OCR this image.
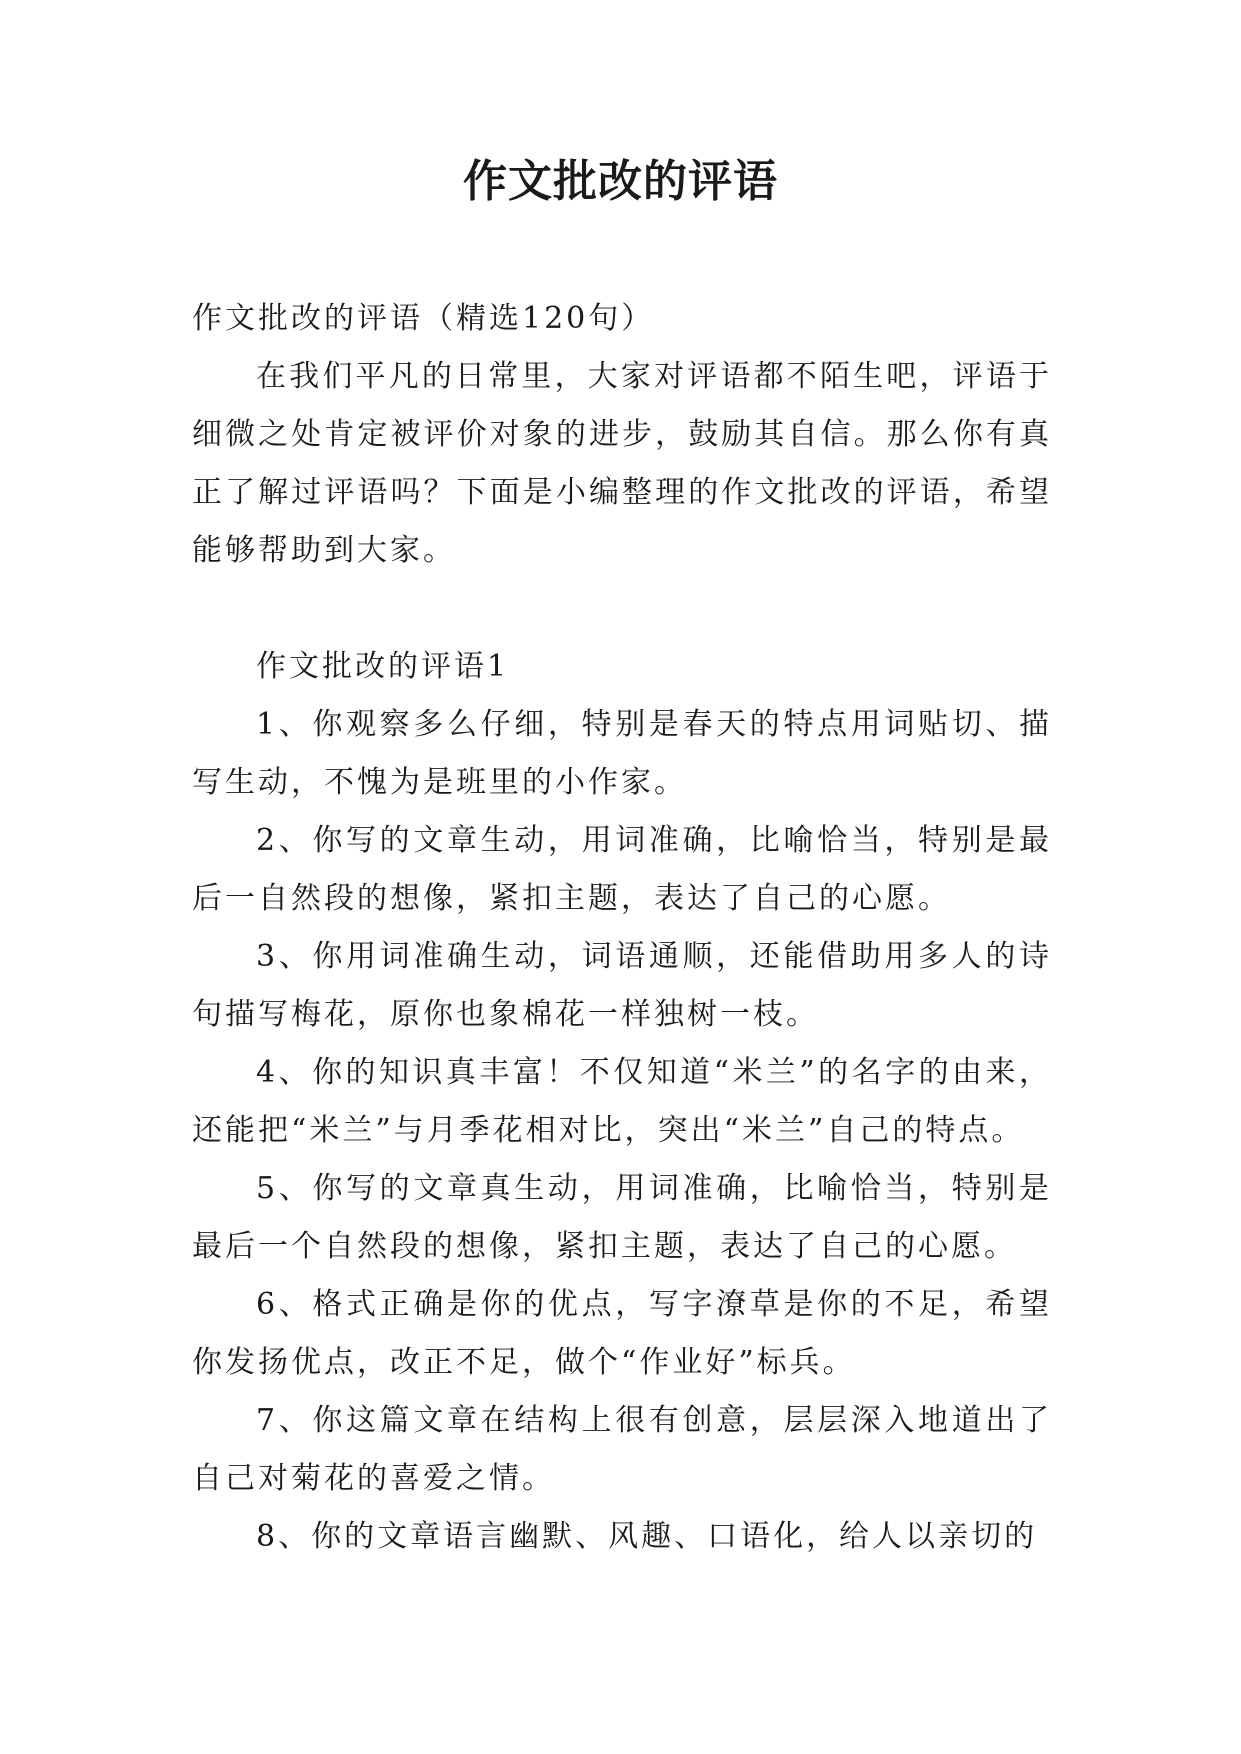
作文批改的评语

作文批改的评语（精选120句）

在我们平凡的日常里，大家对评语都不陌生吧，评语于细微之处肯定被评价对象的进步，鼓励其自信。那么你有真正了解过评语吗？下面是小编整理的作文批改的评语，希望能够帮助到大家。

作文批改的评语1

1、你观察多么仔细，特别是春天的特点用词贴切、描写生动，不愧为是班里的小作家。

2、你写的文章生动，用词准确，比喻恰当，特别是最后一自然段的想像，紧扣主题，表达了自己的心愿。

3、你用词准确生动，词语通顺，还能借助用多人的诗句描写梅花，原你也象棉花一样独树一枝。

4、你的知识真丰富！不仅知道“米兰”的名字的由来，还能把“米兰”与月季花相对比，突出“米兰”自己的特点。

5、你写的文章真生动，用词准确，比喻恰当，特别是最后一个自然段的想像，紧扣主题，表达了自己的心愿。

6、格式正确是你的优点，写字潦草是你的不足，希望你发扬优点，改正不足，做个“作业好”标兵。

7、你这篇文章在结构上很有创意，层层深入地道出了自己对菊花的喜爱之情。

8、你的文章语言幽默、风趣、口语化，给人以亲切的
